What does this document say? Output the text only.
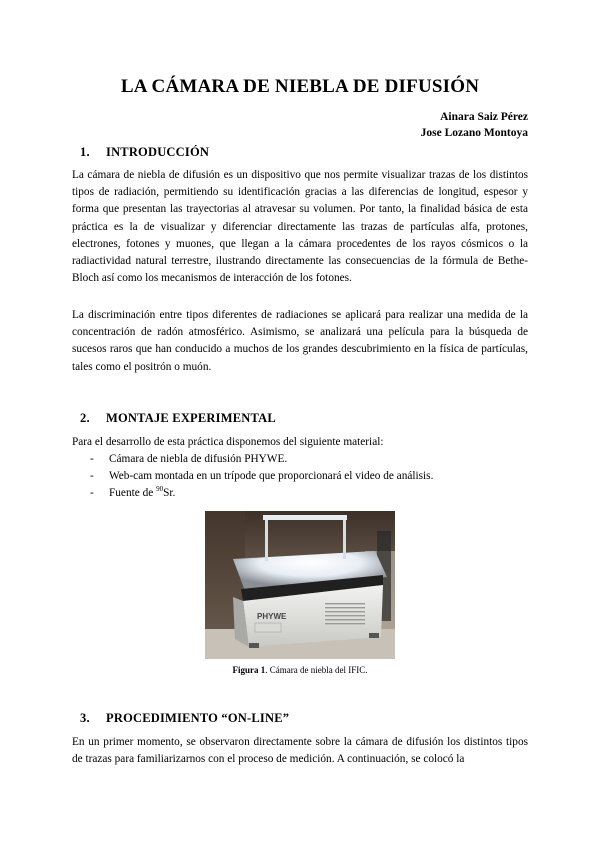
LA CÁMARA DE NIEBLA DE DIFUSIÓN
Ainara Saiz Pérez
Jose Lozano Montoya
1. INTRODUCCIÓN
La cámara de niebla de difusión es un dispositivo que nos permite visualizar trazas de los distintos tipos de radiación, permitiendo su identificación gracias a las diferencias de longitud, espesor y forma que presentan las trayectorias al atravesar su volumen. Por tanto, la finalidad básica de esta práctica es la de visualizar y diferenciar directamente las trazas de partículas alfa, protones, electrones, fotones y muones, que llegan a la cámara procedentes de los rayos cósmicos o la radiactividad natural terrestre, ilustrando directamente las consecuencias de la fórmula de Bethe-Bloch así como los mecanismos de interacción de los fotones.
La discriminación entre tipos diferentes de radiaciones se aplicará para realizar una medida de la concentración de radón atmosférico. Asimismo, se analizará una película para la búsqueda de sucesos raros que han conducido a muchos de los grandes descubrimiento en la física de partículas, tales como el positrón o muón.
2. MONTAJE EXPERIMENTAL
Para el desarrollo de esta práctica disponemos del siguiente material:
- Cámara de niebla de difusión PHYWE.
- Web-cam montada en un trípode que proporcionará el video de análisis.
- Fuente de $^{90}$Sr.
PHYWE
Figura 1. Cámara de niebla del IFIC.
3. PROCEDIMIENTO “ON-LINE”
En un primer momento, se observaron directamente sobre la cámara de difusión los distintos tipos de trazas para familiarizarnos con el proceso de medición. A continuación, se colocó la
